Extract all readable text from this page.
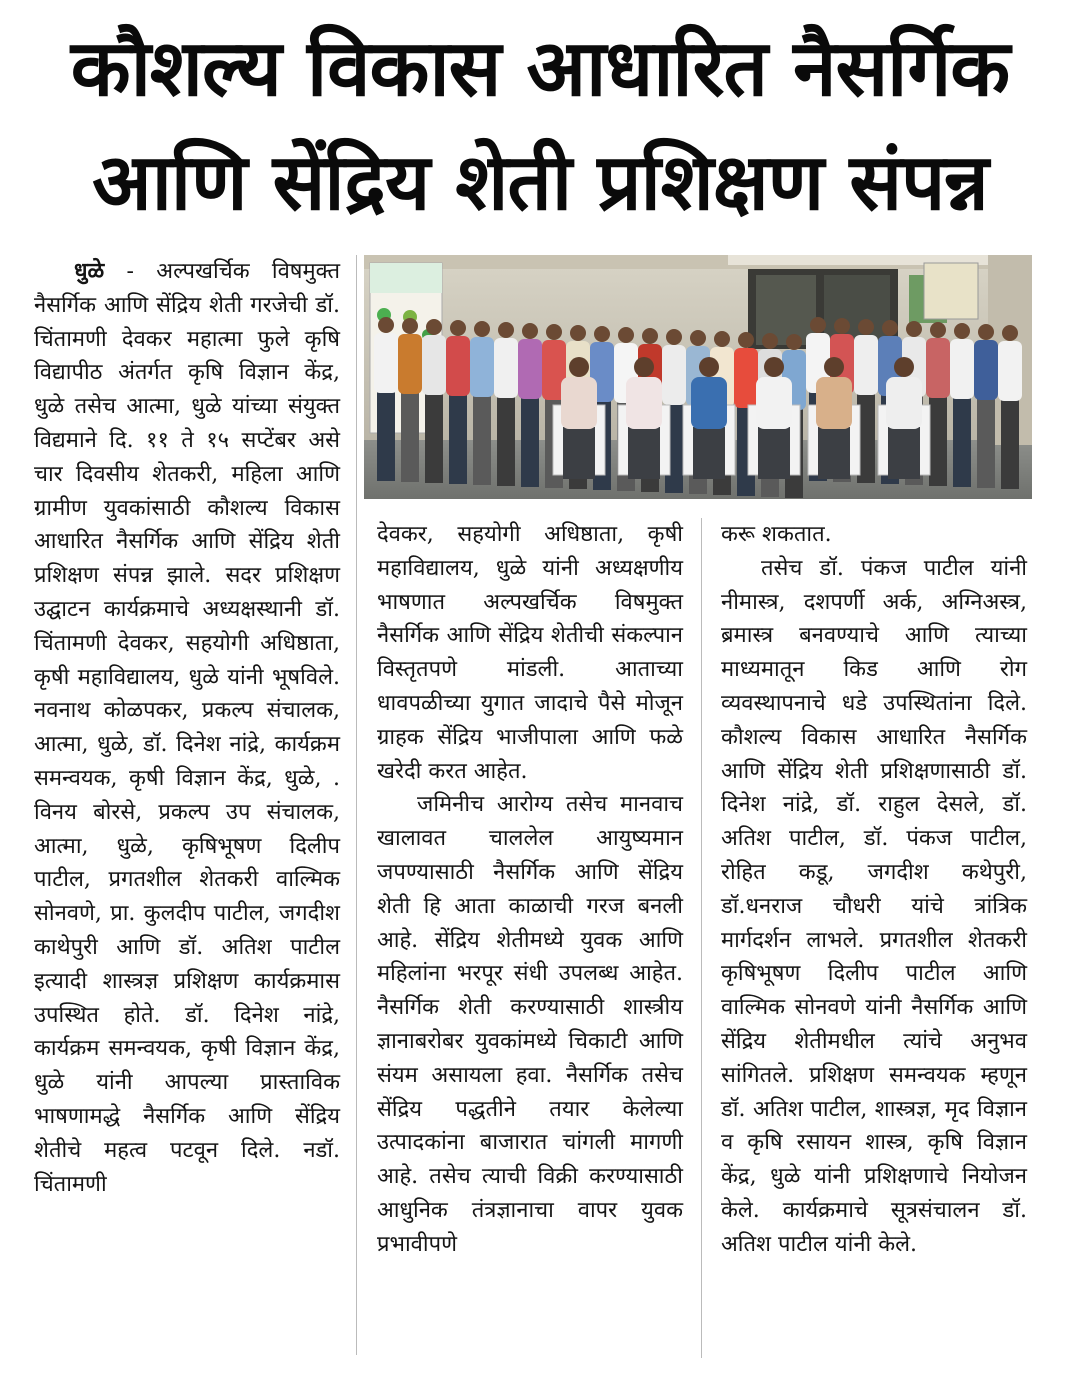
कौशल्य विकास आधारित नैसर्गिक
आणि सेंद्रिय शेती प्रशिक्षण संपन्न

धुळे - अल्पखर्चिक विषमुक्त नैसर्गिक आणि सेंद्रिय शेती गरजेची डॉ. चिंतामणी देवकर महात्मा फुले कृषि विद्यापीठ अंतर्गत कृषि विज्ञान केंद्र, धुळे तसेच आत्मा, धुळे यांच्या संयुक्त विद्यमाने दि. ११ ते १५ सप्टेंबर असे चार दिवसीय शेतकरी, महिला आणि ग्रामीण युवकांसाठी कौशल्य विकास आधारित नैसर्गिक आणि सेंद्रिय शेती प्रशिक्षण संपन्न झाले. सदर प्रशिक्षण उद्घाटन कार्यक्रमाचे अध्यक्षस्थानी डॉ. चिंतामणी देवकर, सहयोगी अधिष्ठाता, कृषी महाविद्यालय, धुळे यांनी भूषविले. नवनाथ कोळपकर, प्रकल्प संचालक, आत्मा, धुळे, डॉ. दिनेश नांद्रे, कार्यक्रम समन्वयक, कृषी विज्ञान केंद्र, धुळे, . विनय बोरसे, प्रकल्प उप संचालक, आत्मा, धुळे, कृषिभूषण दिलीप पाटील, प्रगतशील शेतकरी वाल्मिक सोनवणे, प्रा. कुलदीप पाटील, जगदीश काथेपुरी आणि डॉ. अतिश पाटील इत्यादी शास्त्रज्ञ प्रशिक्षण कार्यक्रमास उपस्थित होते. डॉ. दिनेश नांद्रे, कार्यक्रम समन्वयक, कृषी विज्ञान केंद्र, धुळे यांनी आपल्या प्रास्ताविक भाषणामद्धे नैसर्गिक आणि सेंद्रिय शेतीचे महत्व पटवून दिले. नडॉ. चिंतामणी

देवकर, सहयोगी अधिष्ठाता, कृषी महाविद्यालय, धुळे यांनी अध्यक्षणीय भाषणात अल्पखर्चिक विषमुक्त नैसर्गिक आणि सेंद्रिय शेतीची संकल्पान विस्तृतपणे मांडली. आताच्या धावपळीच्या युगात जादाचे पैसे मोजून ग्राहक सेंद्रिय भाजीपाला आणि फळे खरेदी करत आहेत.

जमिनीच आरोग्य तसेच मानवाच खालावत चाललेल आयुष्यमान जपण्यासाठी नैसर्गिक आणि सेंद्रिय शेती हि आता काळाची गरज बनली आहे. सेंद्रिय शेतीमध्ये युवक आणि महिलांना भरपूर संधी उपलब्ध आहेत. नैसर्गिक शेती करण्यासाठी शास्त्रीय ज्ञानाबरोबर युवकांमध्ये चिकाटी आणि संयम असायला हवा. नैसर्गिक तसेच सेंद्रिय पद्धतीने तयार केलेल्या उत्पादकांना बाजारात चांगली मागणी आहे. तसेच त्याची विक्री करण्यासाठी आधुनिक तंत्रज्ञानाचा वापर युवक प्रभावीपणे

करू शकतात.

तसेच डॉ. पंकज पाटील यांनी नीमास्त्र, दशपर्णी अर्क, अग्निअस्त्र, ब्रमास्त्र बनवण्याचे आणि त्याच्या माध्यमातून किड आणि रोग व्यवस्थापनाचे धडे उपस्थितांना दिले. कौशल्य विकास आधारित नैसर्गिक आणि सेंद्रिय शेती प्रशिक्षणासाठी डॉ. दिनेश नांद्रे, डॉ. राहुल देसले, डॉ. अतिश पाटील, डॉ. पंकज पाटील, रोहित कडू, जगदीश कथेपुरी, डॉ.धनराज चौधरी यांचे त्रांत्रिक मार्गदर्शन लाभले. प्रगतशील शेतकरी कृषिभूषण दिलीप पाटील आणि वाल्मिक सोनवणे यांनी नैसर्गिक आणि सेंद्रिय शेतीमधील त्यांचे अनुभव सांगितले. प्रशिक्षण समन्वयक म्हणून डॉ. अतिश पाटील, शास्त्रज्ञ, मृद विज्ञान व कृषि रसायन शास्त्र, कृषि विज्ञान केंद्र, धुळे यांनी प्रशिक्षणाचे नियोजन केले. कार्यक्रमाचे सूत्रसंचालन डॉ. अतिश पाटील यांनी केले.
